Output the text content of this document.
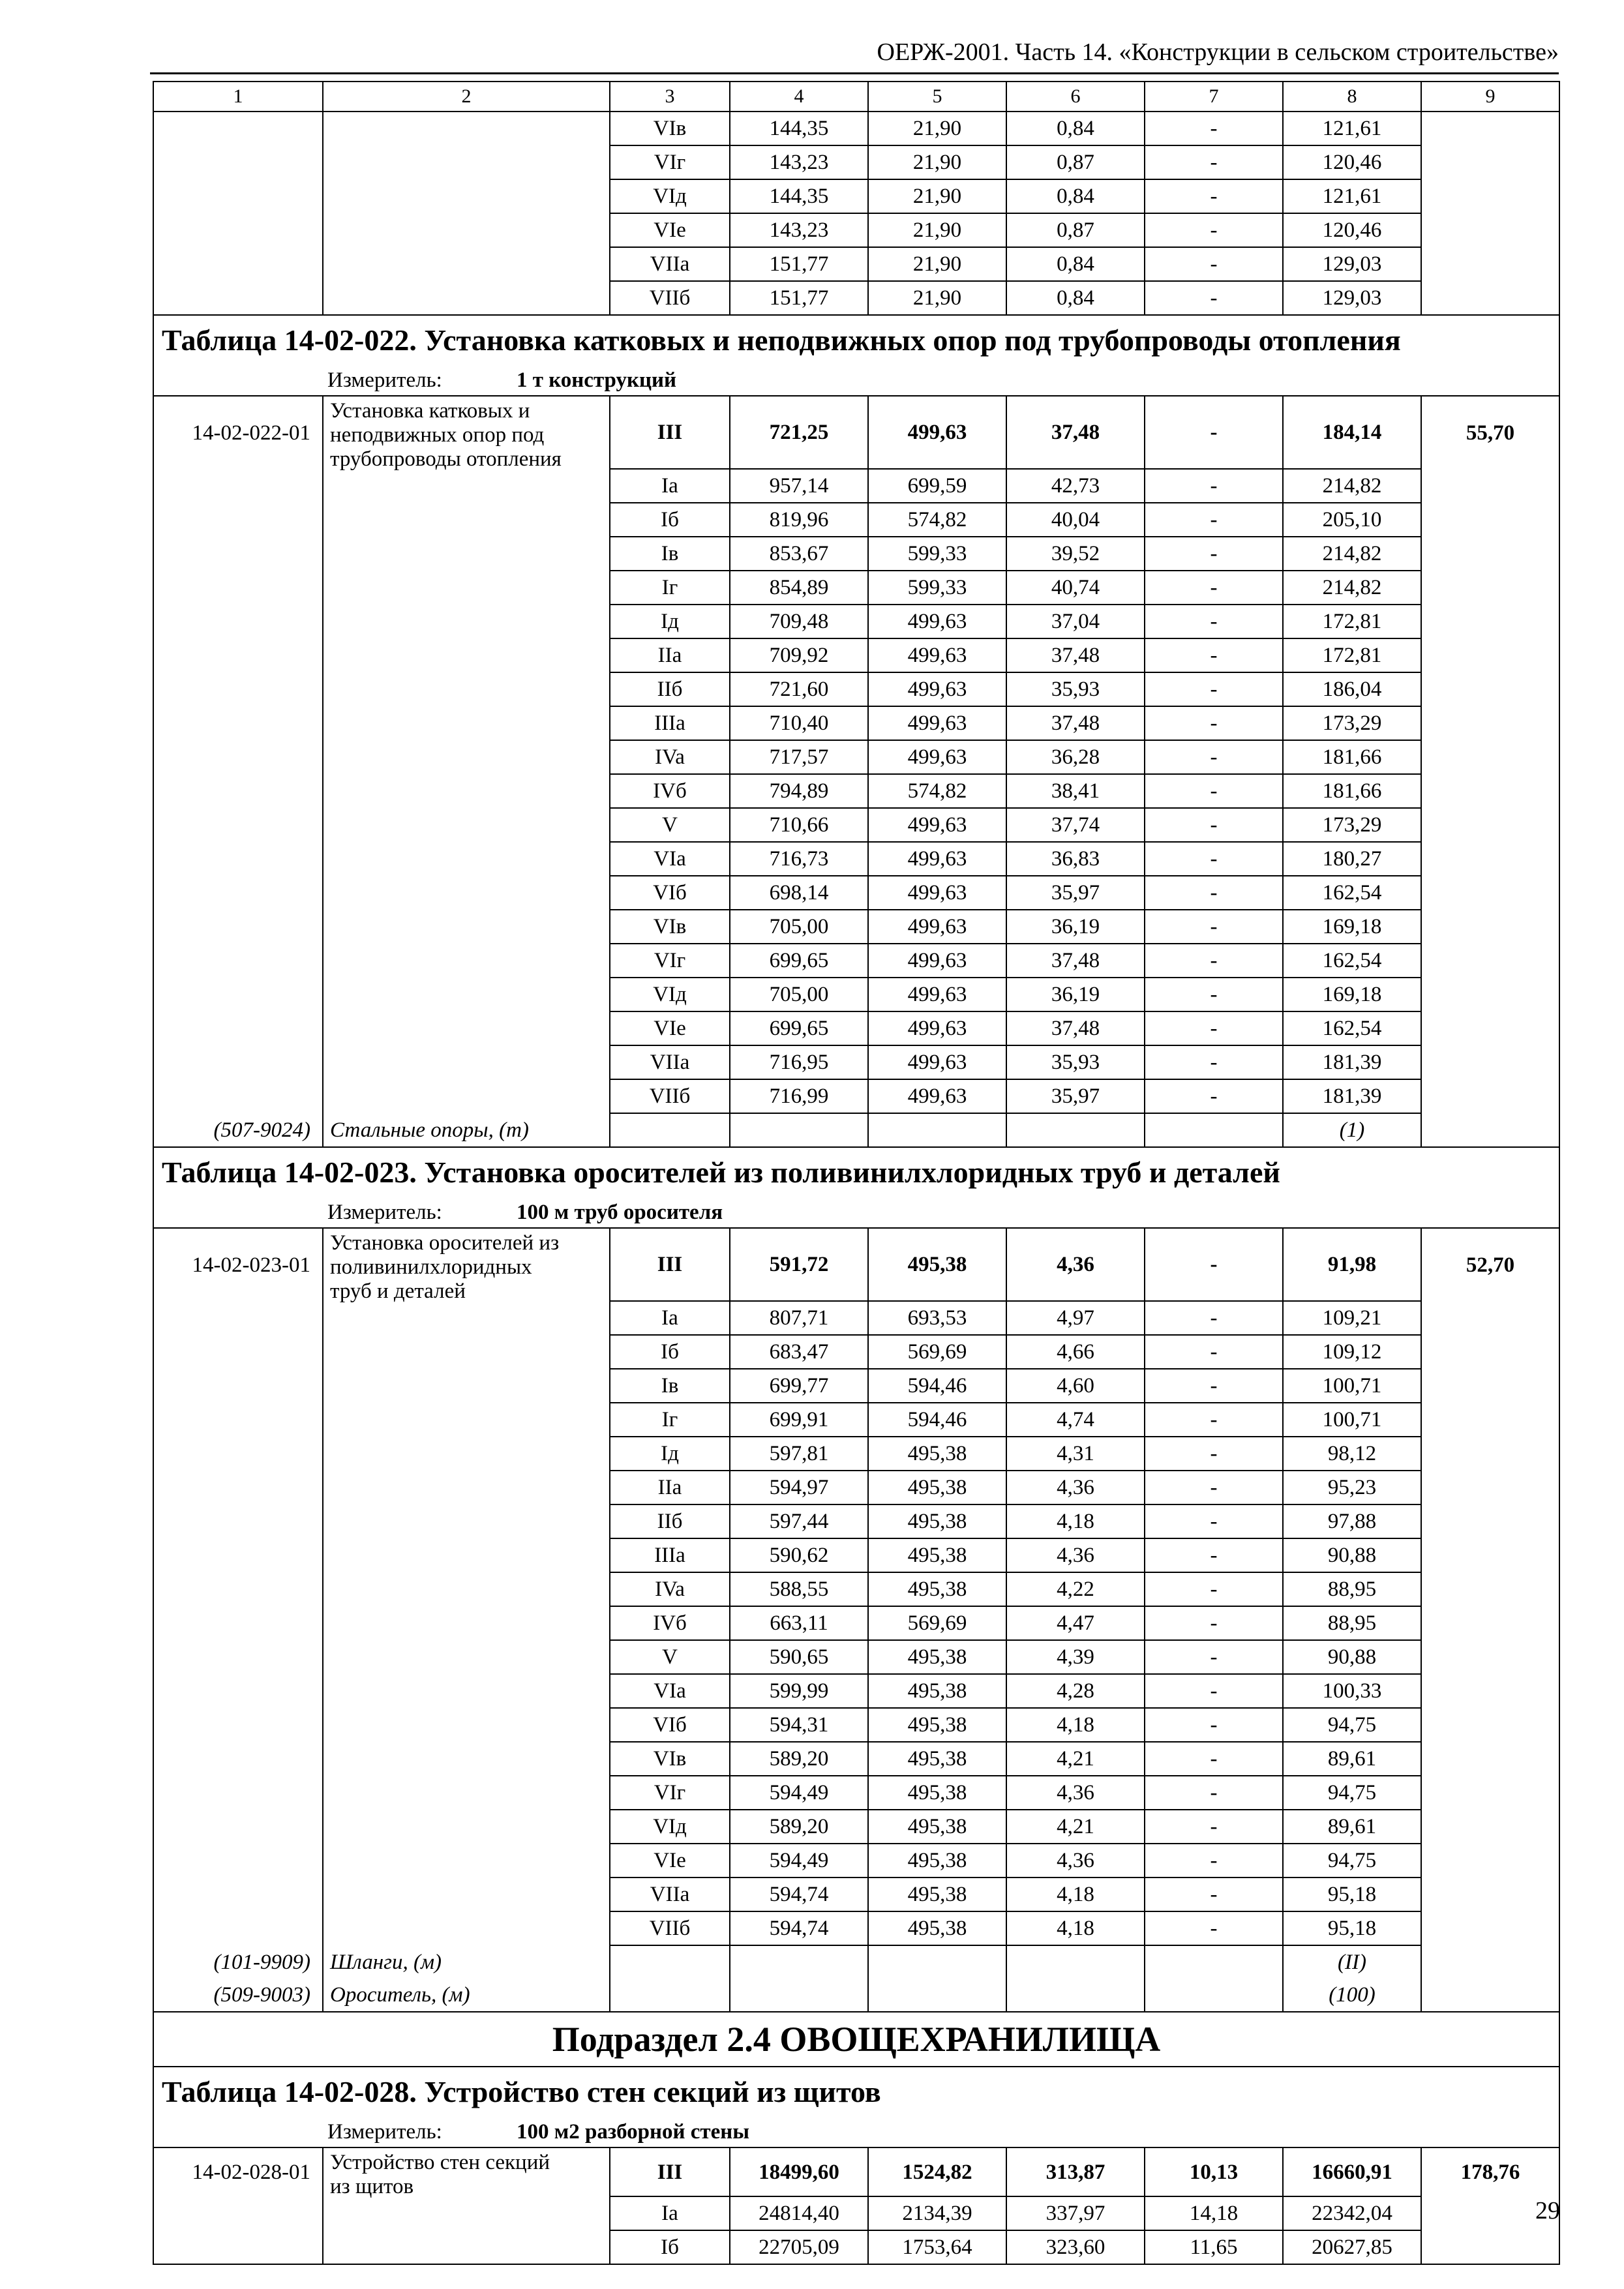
ОЕРЖ-2001. Часть 14. «Конструкции в сельском строительстве»
1	2	3	4	5	6	7	8	9
		VIв	144,35	21,90	0,84	-	121,61	
		VIг	143,23	21,90	0,87	-	120,46	
		VIд	144,35	21,90	0,84	-	121,61	
		VIe	143,23	21,90	0,87	-	120,46	
		VIIa	151,77	21,90	0,84	-	129,03	
		VIIб	151,77	21,90	0,84	-	129,03	
Таблица 14-02-022. Установка катковых и неподвижных опор под трубопроводы отопления								
Измеритель: 1 т конструкций								
14-02-022-01	Установка катковых и
неподвижных опор под
трубопроводы отопления	III	721,25	499,63	37,48	-	184,14	55,70
		Ia	957,14	699,59	42,73	-	214,82	
		Iб	819,96	574,82	40,04	-	205,10	
		Iв	853,67	599,33	39,52	-	214,82	
		Iг	854,89	599,33	40,74	-	214,82	
		Iд	709,48	499,63	37,04	-	172,81	
		IIa	709,92	499,63	37,48	-	172,81	
		IIб	721,60	499,63	35,93	-	186,04	
		IIIa	710,40	499,63	37,48	-	173,29	
		IVa	717,57	499,63	36,28	-	181,66	
		IVб	794,89	574,82	38,41	-	181,66	
		V	710,66	499,63	37,74	-	173,29	
		VIa	716,73	499,63	36,83	-	180,27	
		VIб	698,14	499,63	35,97	-	162,54	
		VIв	705,00	499,63	36,19	-	169,18	
		VIг	699,65	499,63	37,48	-	162,54	
		VIд	705,00	499,63	36,19	-	169,18	
		VIe	699,65	499,63	37,48	-	162,54	
		VIIa	716,95	499,63	35,93	-	181,39	
		VIIб	716,99	499,63	35,97	-	181,39	
(507-9024)	Стальные опоры, (т)						(1)	
Таблица 14-02-023. Установка оросителей из поливинилхлоридных труб и деталей								
Измеритель: 100 м труб оросителя								
14-02-023-01	Установка оросителей из
поливинилхлоридных
труб и деталей	III	591,72	495,38	4,36	-	91,98	52,70
		Ia	807,71	693,53	4,97	-	109,21	
		Iб	683,47	569,69	4,66	-	109,12	
		Iв	699,77	594,46	4,60	-	100,71	
		Iг	699,91	594,46	4,74	-	100,71	
		Iд	597,81	495,38	4,31	-	98,12	
		IIa	594,97	495,38	4,36	-	95,23	
		IIб	597,44	495,38	4,18	-	97,88	
		IIIa	590,62	495,38	4,36	-	90,88	
		IVa	588,55	495,38	4,22	-	88,95	
		IVб	663,11	569,69	4,47	-	88,95	
		V	590,65	495,38	4,39	-	90,88	
		VIa	599,99	495,38	4,28	-	100,33	
		VIб	594,31	495,38	4,18	-	94,75	
		VIв	589,20	495,38	4,21	-	89,61	
		VIг	594,49	495,38	4,36	-	94,75	
		VIд	589,20	495,38	4,21	-	89,61	
		VIe	594,49	495,38	4,36	-	94,75	
		VIIa	594,74	495,38	4,18	-	95,18	
		VIIб	594,74	495,38	4,18	-	95,18	
(101-9909)	Шланги, (м)						(II)	
(509-9003)	Ороситель, (м)						(100)	
Подраздел 2.4 ОВОЩЕХРАНИЛИЩА								
Таблица 14-02-028. Устройство стен секций из щитов								
Измеритель: 100 м2 разборной стены								
14-02-028-01	Устройство стен секций
из щитов	III	18499,60	1524,82	313,87	10,13	16660,91	178,76
		Ia	24814,40	2134,39	337,97	14,18	22342,04	
		Iб	22705,09	1753,64	323,60	11,65	20627,85	
29
